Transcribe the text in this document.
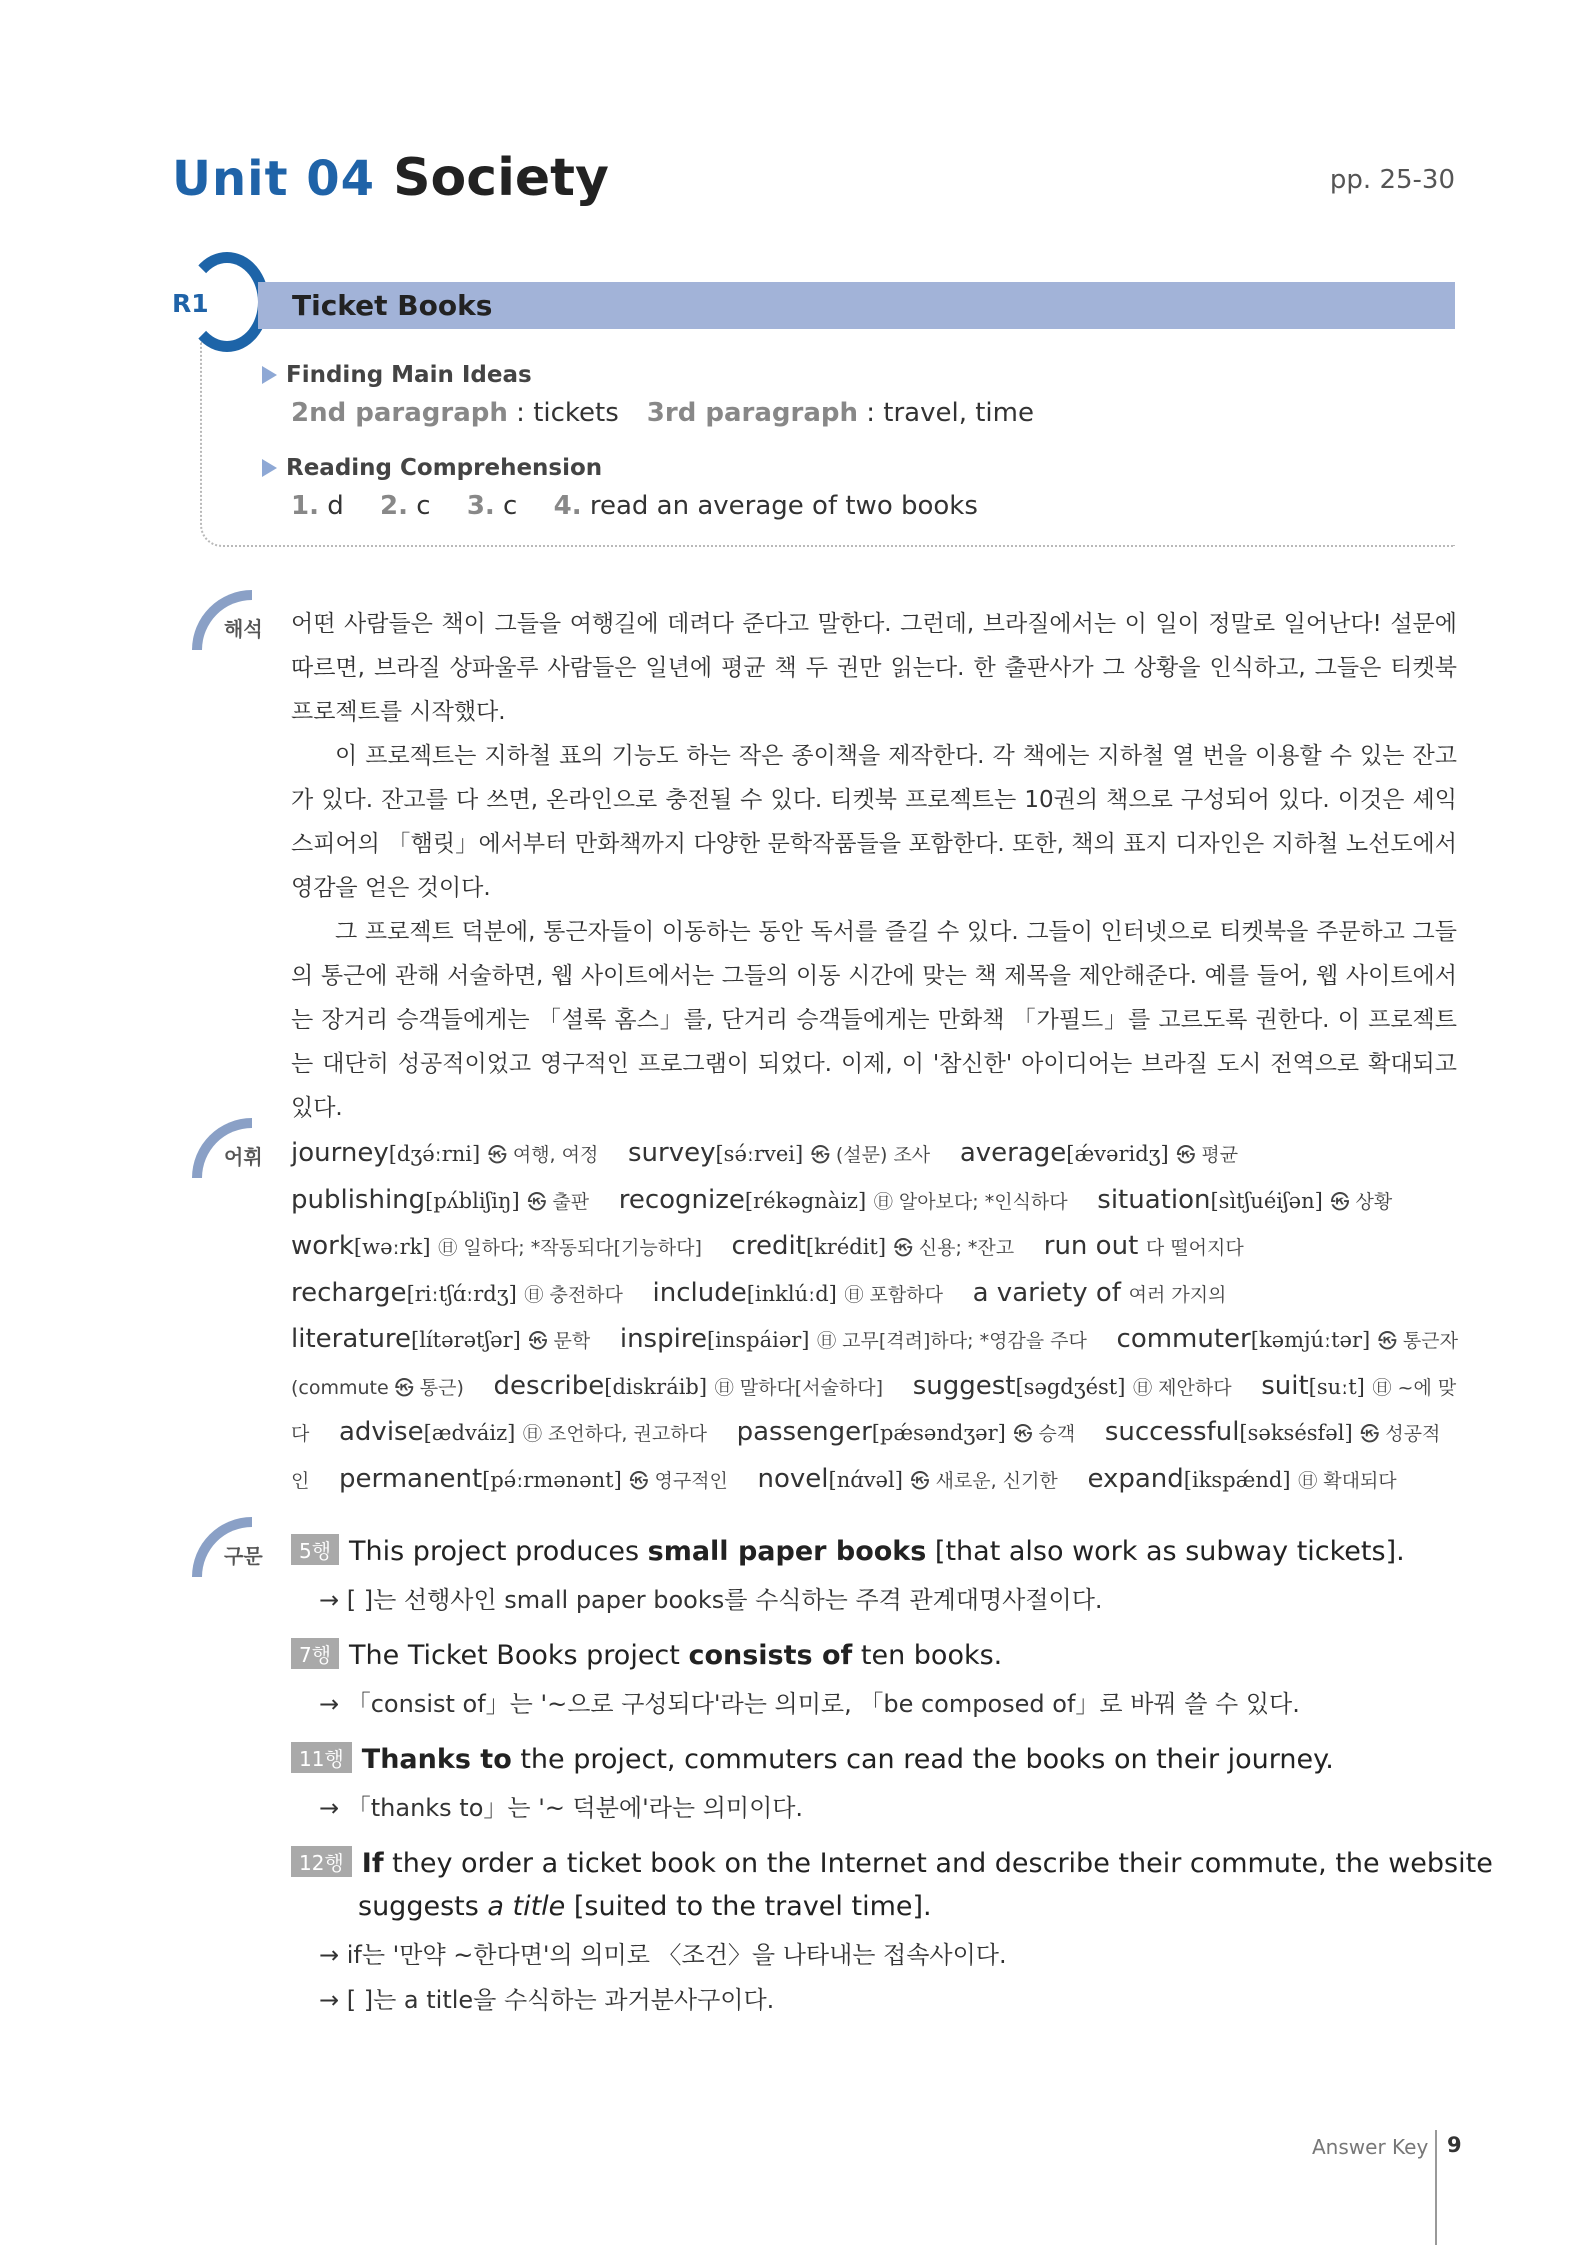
Unit 04 Society	pp. 25-30
R1	Ticket Books
Finding Main Ideas
2nd paragraph : tickets 3rd paragraph : travel, time
Reading Comprehension
1. d 2. c 3. c 4. read an average of two books
해석 어떤 사람들은 책이 그들을 여행길에 데려다 준다고 말한다. 그런데, 브라질에서는 이 일이 정말로 일어난다! 설문에 따르면, 브라질 상파울루 사람들은 일년에 평균 책 두 권만 읽는다. 한 출판사가 그 상황을 인식하고, 그들은 티켓북 프로젝트를 시작했다.

이 프로젝트는 지하철 표의 기능도 하는 작은 종이책을 제작한다. 각 책에는 지하철 열 번을 이용할 수 있는 잔고가 있다. 잔고를 다 쓰면, 온라인으로 충전될 수 있다. 티켓북 프로젝트는 10권의 책으로 구성되어 있다. 이것은 셰익스피어의 「햄릿」에서부터 만화책까지 다양한 문학작품들을 포함한다. 또한, 책의 표지 디자인은 지하철 노선도에서 영감을 얻은 것이다.

그 프로젝트 덕분에, 통근자들이 이동하는 동안 독서를 즐길 수 있다. 그들이 인터넷으로 티켓북을 주문하고 그들의 통근에 관해 서술하면, 웹 사이트에서는 그들의 이동 시간에 맞는 책 제목을 제안해준다. 예를 들어, 웹 사이트에서는 장거리 승객들에게는 「셜록 홈스」를, 단거리 승객들에게는 만화책 「가필드」를 고르도록 권한다. 이 프로젝트는 대단히 성공적이었고 영구적인 프로그램이 되었다. 이제, 이 '참신한' 아이디어는 브라질 도시 전역으로 확대되고 있다.

어휘 journey[dʒə́ːrni] ㉿ 여행, 여정 survey[sə́ːrvei] ㉿ (설문) 조사 average[ǽvəridʒ] ㉿ 평균 publishing[pʌ́bliʃiŋ] ㉿ 출판 recognize[rékəgnàiz] ㊐ 알아보다; *인식하다 situation[sìtʃuéiʃən] ㉿ 상황 work[wəːrk] ㊐ 일하다; *작동되다[기능하다] credit[krédit] ㉿ 신용; *잔고 run out 다 떨어지다 recharge[riːtʃɑ́ːrdʒ] ㊐ 충전하다 include[inklúːd] ㊐ 포함하다 a variety of 여러 가지의 literature[lítərətʃər] ㉿ 문학 inspire[inspáiər] ㊐ 고무[격려]하다; *영감을 주다 commuter[kəmjúːtər] ㉿ 통근자 (commute ㉿ 통근) describe[diskráib] ㊐ 말하다[서술하다] suggest[səgdʒést] ㊐ 제안하다 suit[suːt] ㊐ ~에 맞다 advise[ædváiz] ㊐ 조언하다, 권고하다 passenger[pǽsəndʒər] ㉿ 승객 successful[səksésfəl] ㉿ 성공적인 permanent[pə́ːrmənənt] ㉿ 영구적인 novel[nɑ́vəl] ㉿ 새로운, 신기한 expand[ikspǽnd] ㊐ 확대되다
구문	5행 This project produces small paper books [that also work as subway tickets].
→ [ ]는 선행사인 small paper books를 수식하는 주격 관계대명사절이다.
7행 The Ticket Books project consists of ten books.
→ 「consist of」는 '~으로 구성되다'라는 의미로, 「be composed of」로 바꿔 쓸 수 있다.
11행 Thanks to the project, commuters can read the books on their journey.
→ 「thanks to」는 '~ 덕분에'라는 의미이다.
12행 If they order a ticket book on the Internet and describe their commute, the website
suggests a title [suited to the travel time].
→ if는 '만약 ~한다면'의 의미로 〈조건〉을 나타내는 접속사이다.
→ [ ]는 a title을 수식하는 과거분사구이다.
Answer Key 9
